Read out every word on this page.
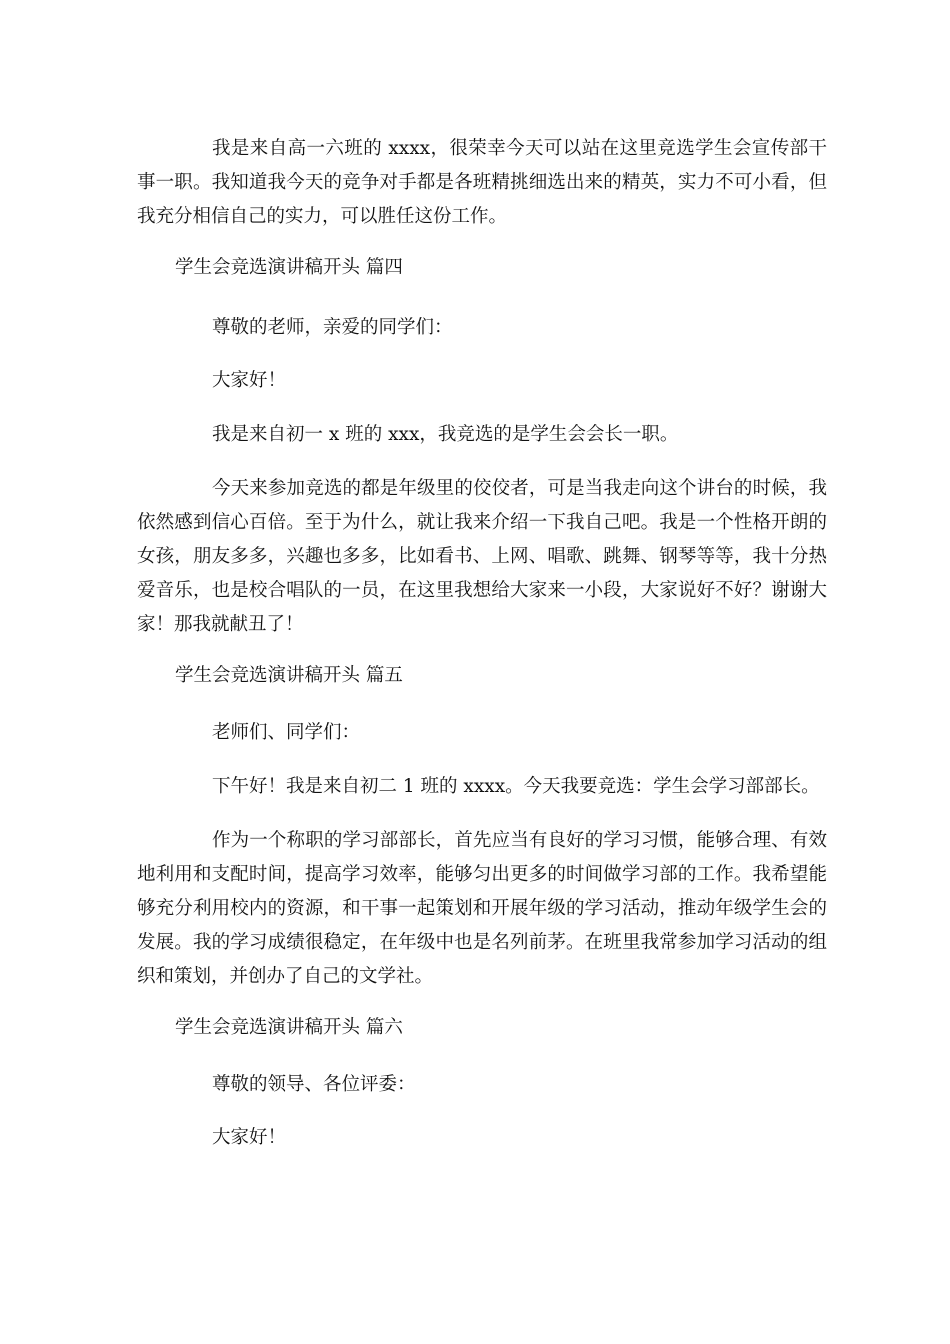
我是来自高一六班的 xxxx，很荣幸今天可以站在这里竞选学生会宣传部干事一职。我知道我今天的竞争对手都是各班精挑细选出来的精英，实力不可小看，但我充分相信自己的实力，可以胜任这份工作。

学生会竞选演讲稿开头 篇四

尊敬的老师，亲爱的同学们：

大家好！

我是来自初一 x 班的 xxx，我竞选的是学生会会长一职。

今天来参加竞选的都是年级里的佼佼者，可是当我走向这个讲台的时候，我依然感到信心百倍。至于为什么，就让我来介绍一下我自己吧。我是一个性格开朗的女孩，朋友多多，兴趣也多多，比如看书、上网、唱歌、跳舞、钢琴等等，我十分热爱音乐，也是校合唱队的一员，在这里我想给大家来一小段，大家说好不好？谢谢大家！那我就献丑了！

学生会竞选演讲稿开头 篇五

老师们、同学们：

下午好！我是来自初二 1 班的 xxxx。今天我要竞选：学生会学习部部长。

作为一个称职的学习部部长，首先应当有良好的学习习惯，能够合理、有效地利用和支配时间，提高学习效率，能够匀出更多的时间做学习部的工作。我希望能够充分利用校内的资源，和干事一起策划和开展年级的学习活动，推动年级学生会的发展。我的学习成绩很稳定，在年级中也是名列前茅。在班里我常参加学习活动的组织和策划，并创办了自己的文学社。

学生会竞选演讲稿开头 篇六

尊敬的领导、各位评委：

大家好！
